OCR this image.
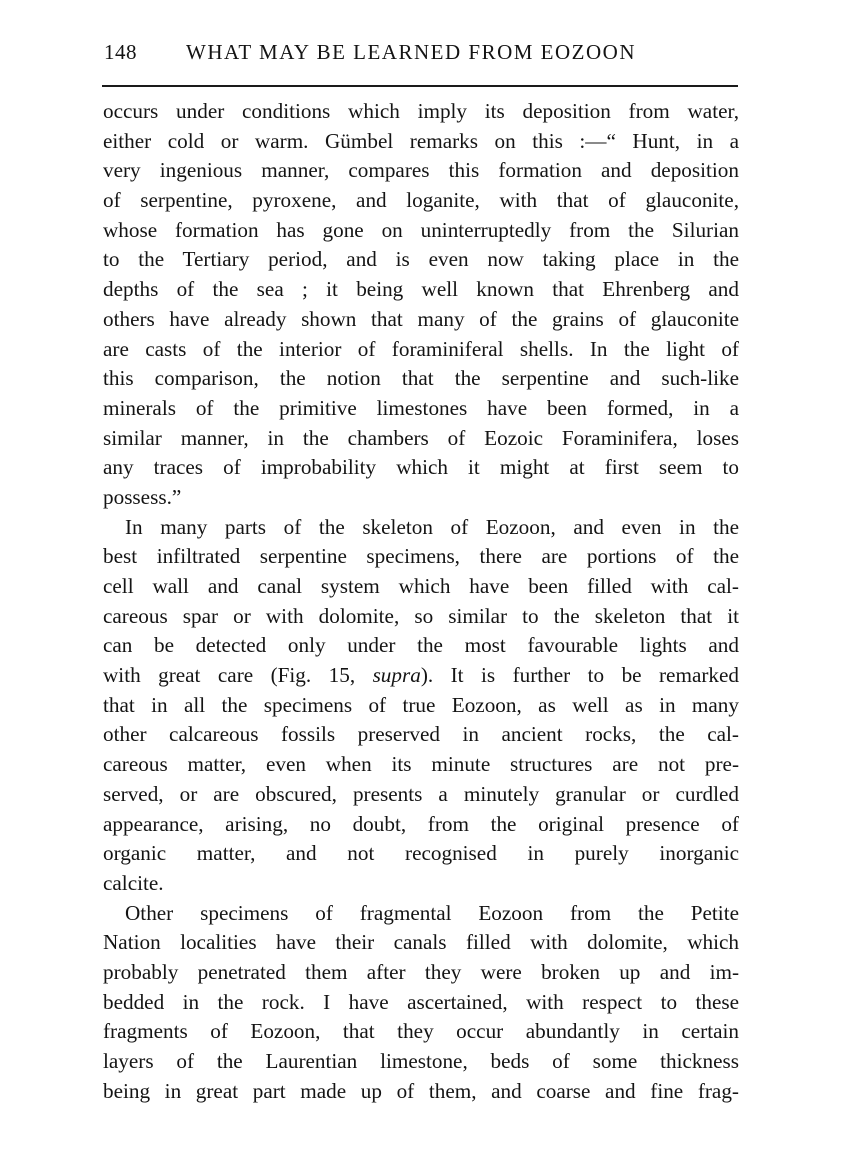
148 WHAT MAY BE LEARNED FROM EOZOON
occurs under conditions which imply its deposition from water,
either cold or warm. Gümbel remarks on this :—“ Hunt, in a
very ingenious manner, compares this formation and deposition
of serpentine, pyroxene, and loganite, with that of glauconite,
whose formation has gone on uninterruptedly from the Silurian
to the Tertiary period, and is even now taking place in the
depths of the sea ; it being well known that Ehrenberg and
others have already shown that many of the grains of glauconite
are casts of the interior of foraminiferal shells. In the light of
this comparison, the notion that the serpentine and such-like
minerals of the primitive limestones have been formed, in a
similar manner, in the chambers of Eozoic Foraminifera, loses
any traces of improbability which it might at first seem to
possess.”
In many parts of the skeleton of Eozoon, and even in the
best infiltrated serpentine specimens, there are portions of the
cell wall and canal system which have been filled with cal-
careous spar or with dolomite, so similar to the skeleton that it
can be detected only under the most favourable lights and
with great care (Fig. 15, supra). It is further to be remarked
that in all the specimens of true Eozoon, as well as in many
other calcareous fossils preserved in ancient rocks, the cal-
careous matter, even when its minute structures are not pre-
served, or are obscured, presents a minutely granular or curdled
appearance, arising, no doubt, from the original presence of
organic matter, and not recognised in purely inorganic
calcite.
Other specimens of fragmental Eozoon from the Petite
Nation localities have their canals filled with dolomite, which
probably penetrated them after they were broken up and im-
bedded in the rock. I have ascertained, with respect to these
fragments of Eozoon, that they occur abundantly in certain
layers of the Laurentian limestone, beds of some thickness
being in great part made up of them, and coarse and fine frag-
